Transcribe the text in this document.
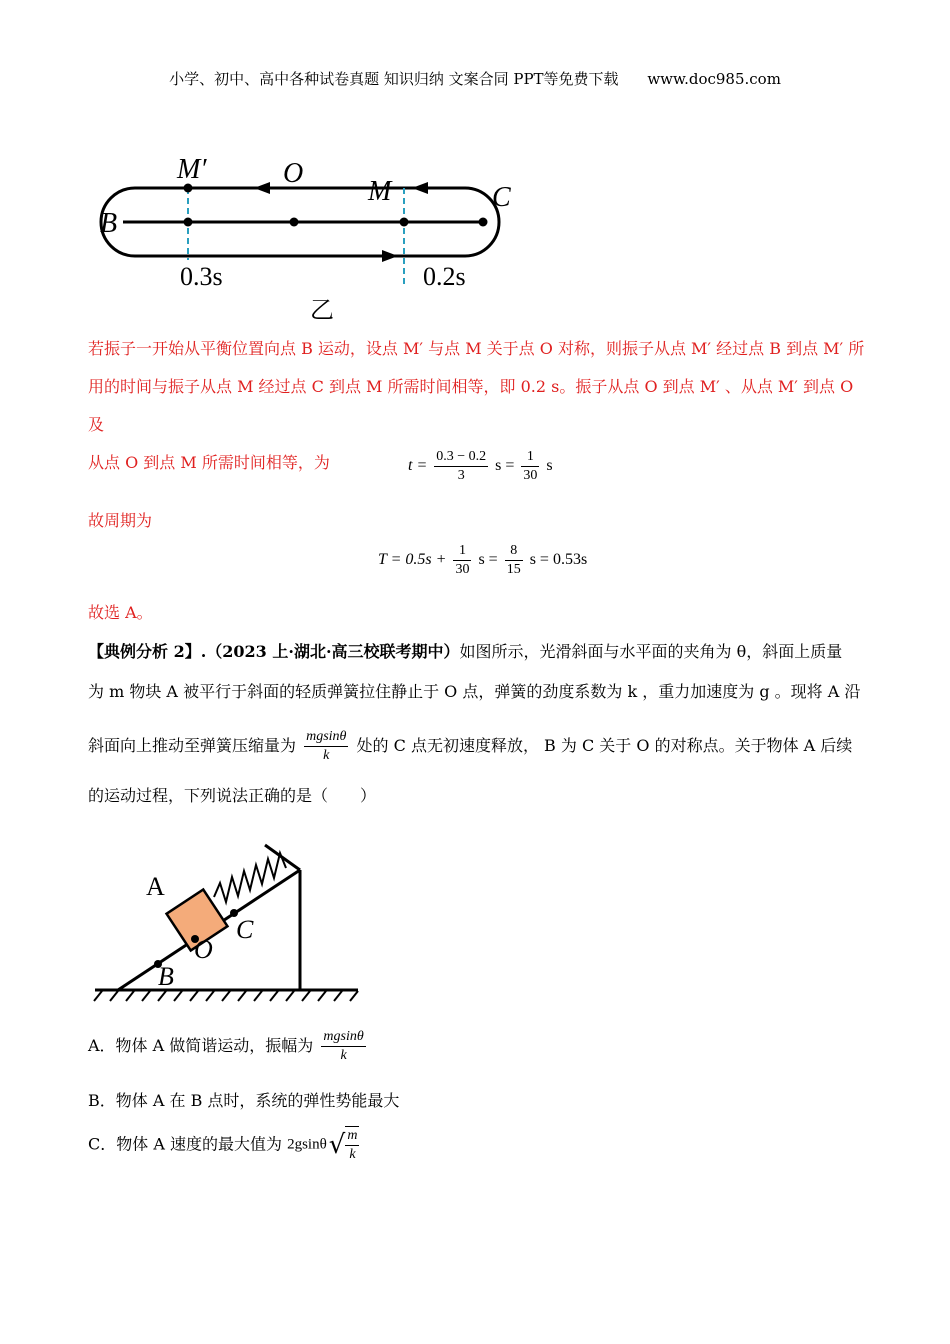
小学、初中、高中各种试卷真题 知识归纳 文案合同 PPT等免费下载 www.doc985.com
M′	O
M	C
B
0.3s	0.2s
乙
若振子一开始从平衡位置向点 B 运动，设点 M′ 与点 M 关于点 O 对称，则振子从点 M′ 经过点 B 到点 M′ 所
用的时间与振子从点 M 经过点 C 到点 M 所需时间相等，即 0.2 s。振子从点 O 到点 M′ 、从点 M′ 到点 O 及
从点 O 到点 M 所需时间相等，为	$t = \frac{0.3 - 0.2}{3}$ $s = \frac{1}{30}$ s
故周期为
$T = 0.5s + \frac{1}{30}$ $s = \frac{8}{15}$ s = 0.53s
故选 A。
【典例分析 2】.（2023 上·湖北·高三校联考期中）如图所示，光滑斜面与水平面的夹角为 θ，斜面上质量
为 m 物块 A 被平行于斜面的轻质弹簧拉住静止于 O 点，弹簧的劲度系数为 k ，重力加速度为 g 。现将 A 沿
斜面向上推动至弹簧压缩量为 $\frac{mgsin\theta}{k}$ 处的 C 点无初速度释放， B 为 C 关于 O 的对称点。关于物体 A 后续
的运动过程，下列说法正确的是（　　）
A
O
C
B
A．物体 A 做简谐运动，振幅为 $\frac{mgsin\theta}{k}$
B．物体 A 在 B 点时，系统的弹性势能最大
C．物体 A 速度的最大值为 $2gsin\theta√ \frac{m}{k}$
